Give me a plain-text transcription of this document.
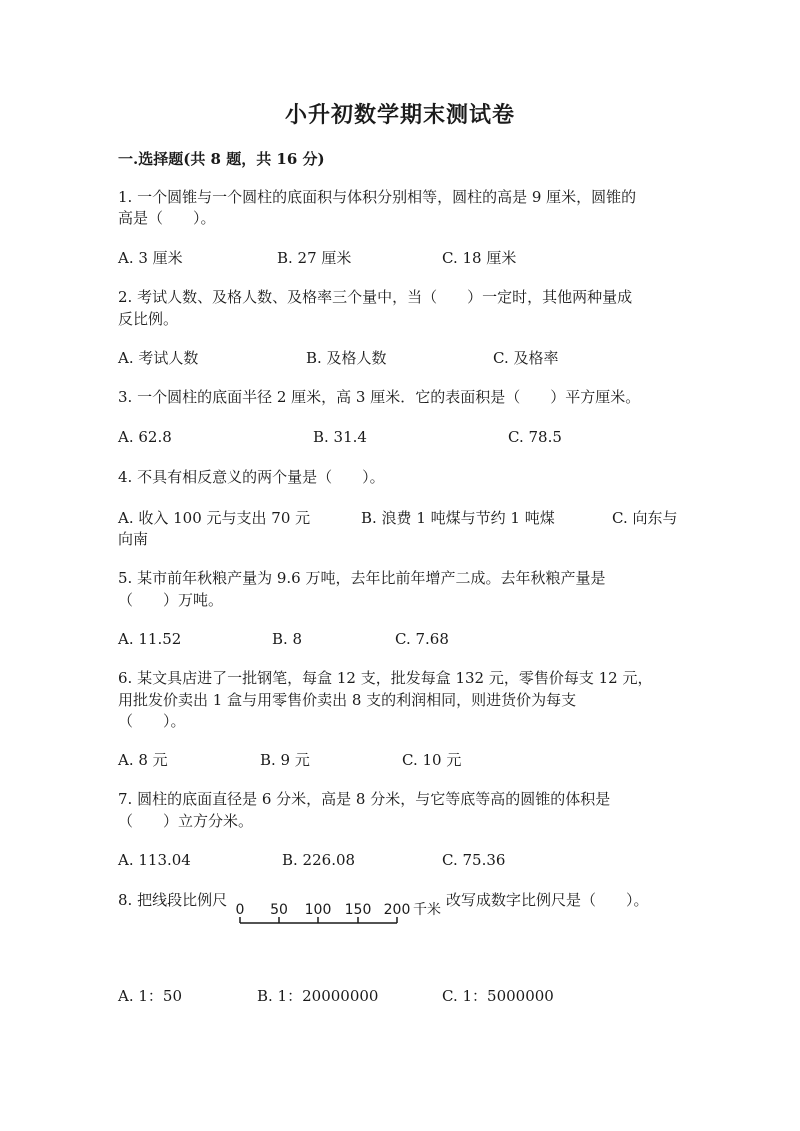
小升初数学期末测试卷
一.选择题(共 8 题，共 16 分)
1. 一个圆锥与一个圆柱的底面积与体积分别相等，圆柱的高是 9 厘米，圆锥的
高是（　　）。
A. 3 厘米	B. 27 厘米	C. 18 厘米
2. 考试人数、及格人数、及格率三个量中，当（　　）一定时，其他两种量成
反比例。
A. 考试人数	B. 及格人数	C. 及格率
3. 一个圆柱的底面半径 2 厘米，高 3 厘米．它的表面积是（　　）平方厘米。
A. 62.8	B. 31.4	C. 78.5
4. 不具有相反意义的两个量是（　　）。
A. 收入 100 元与支出 70 元	B. 浪费 1 吨煤与节约 1 吨煤	C. 向东与
向南
5. 某市前年秋粮产量为 9.6 万吨，去年比前年增产二成。去年秋粮产量是
（　　）万吨。
A. 11.52	B. 8	C. 7.68
6. 某文具店进了一批钢笔，每盒 12 支，批发每盒 132 元，零售价每支 12 元，
用批发价卖出 1 盒与用零售价卖出 8 支的利润相同，则进货价为每支
（　　）。
A. 8 元	B. 9 元	C. 10 元
7. 圆柱的底面直径是 6 分米，高是 8 分米，与它等底等高的圆锥的体积是
（　　）立方分米。
A. 113.04	B. 226.08	C. 75.36
8. 把线段比例尺	改写成数字比例尺是（　　）。
0 50 100 150 200 千米
A. 1：50	B. 1：20000000	C. 1：5000000
